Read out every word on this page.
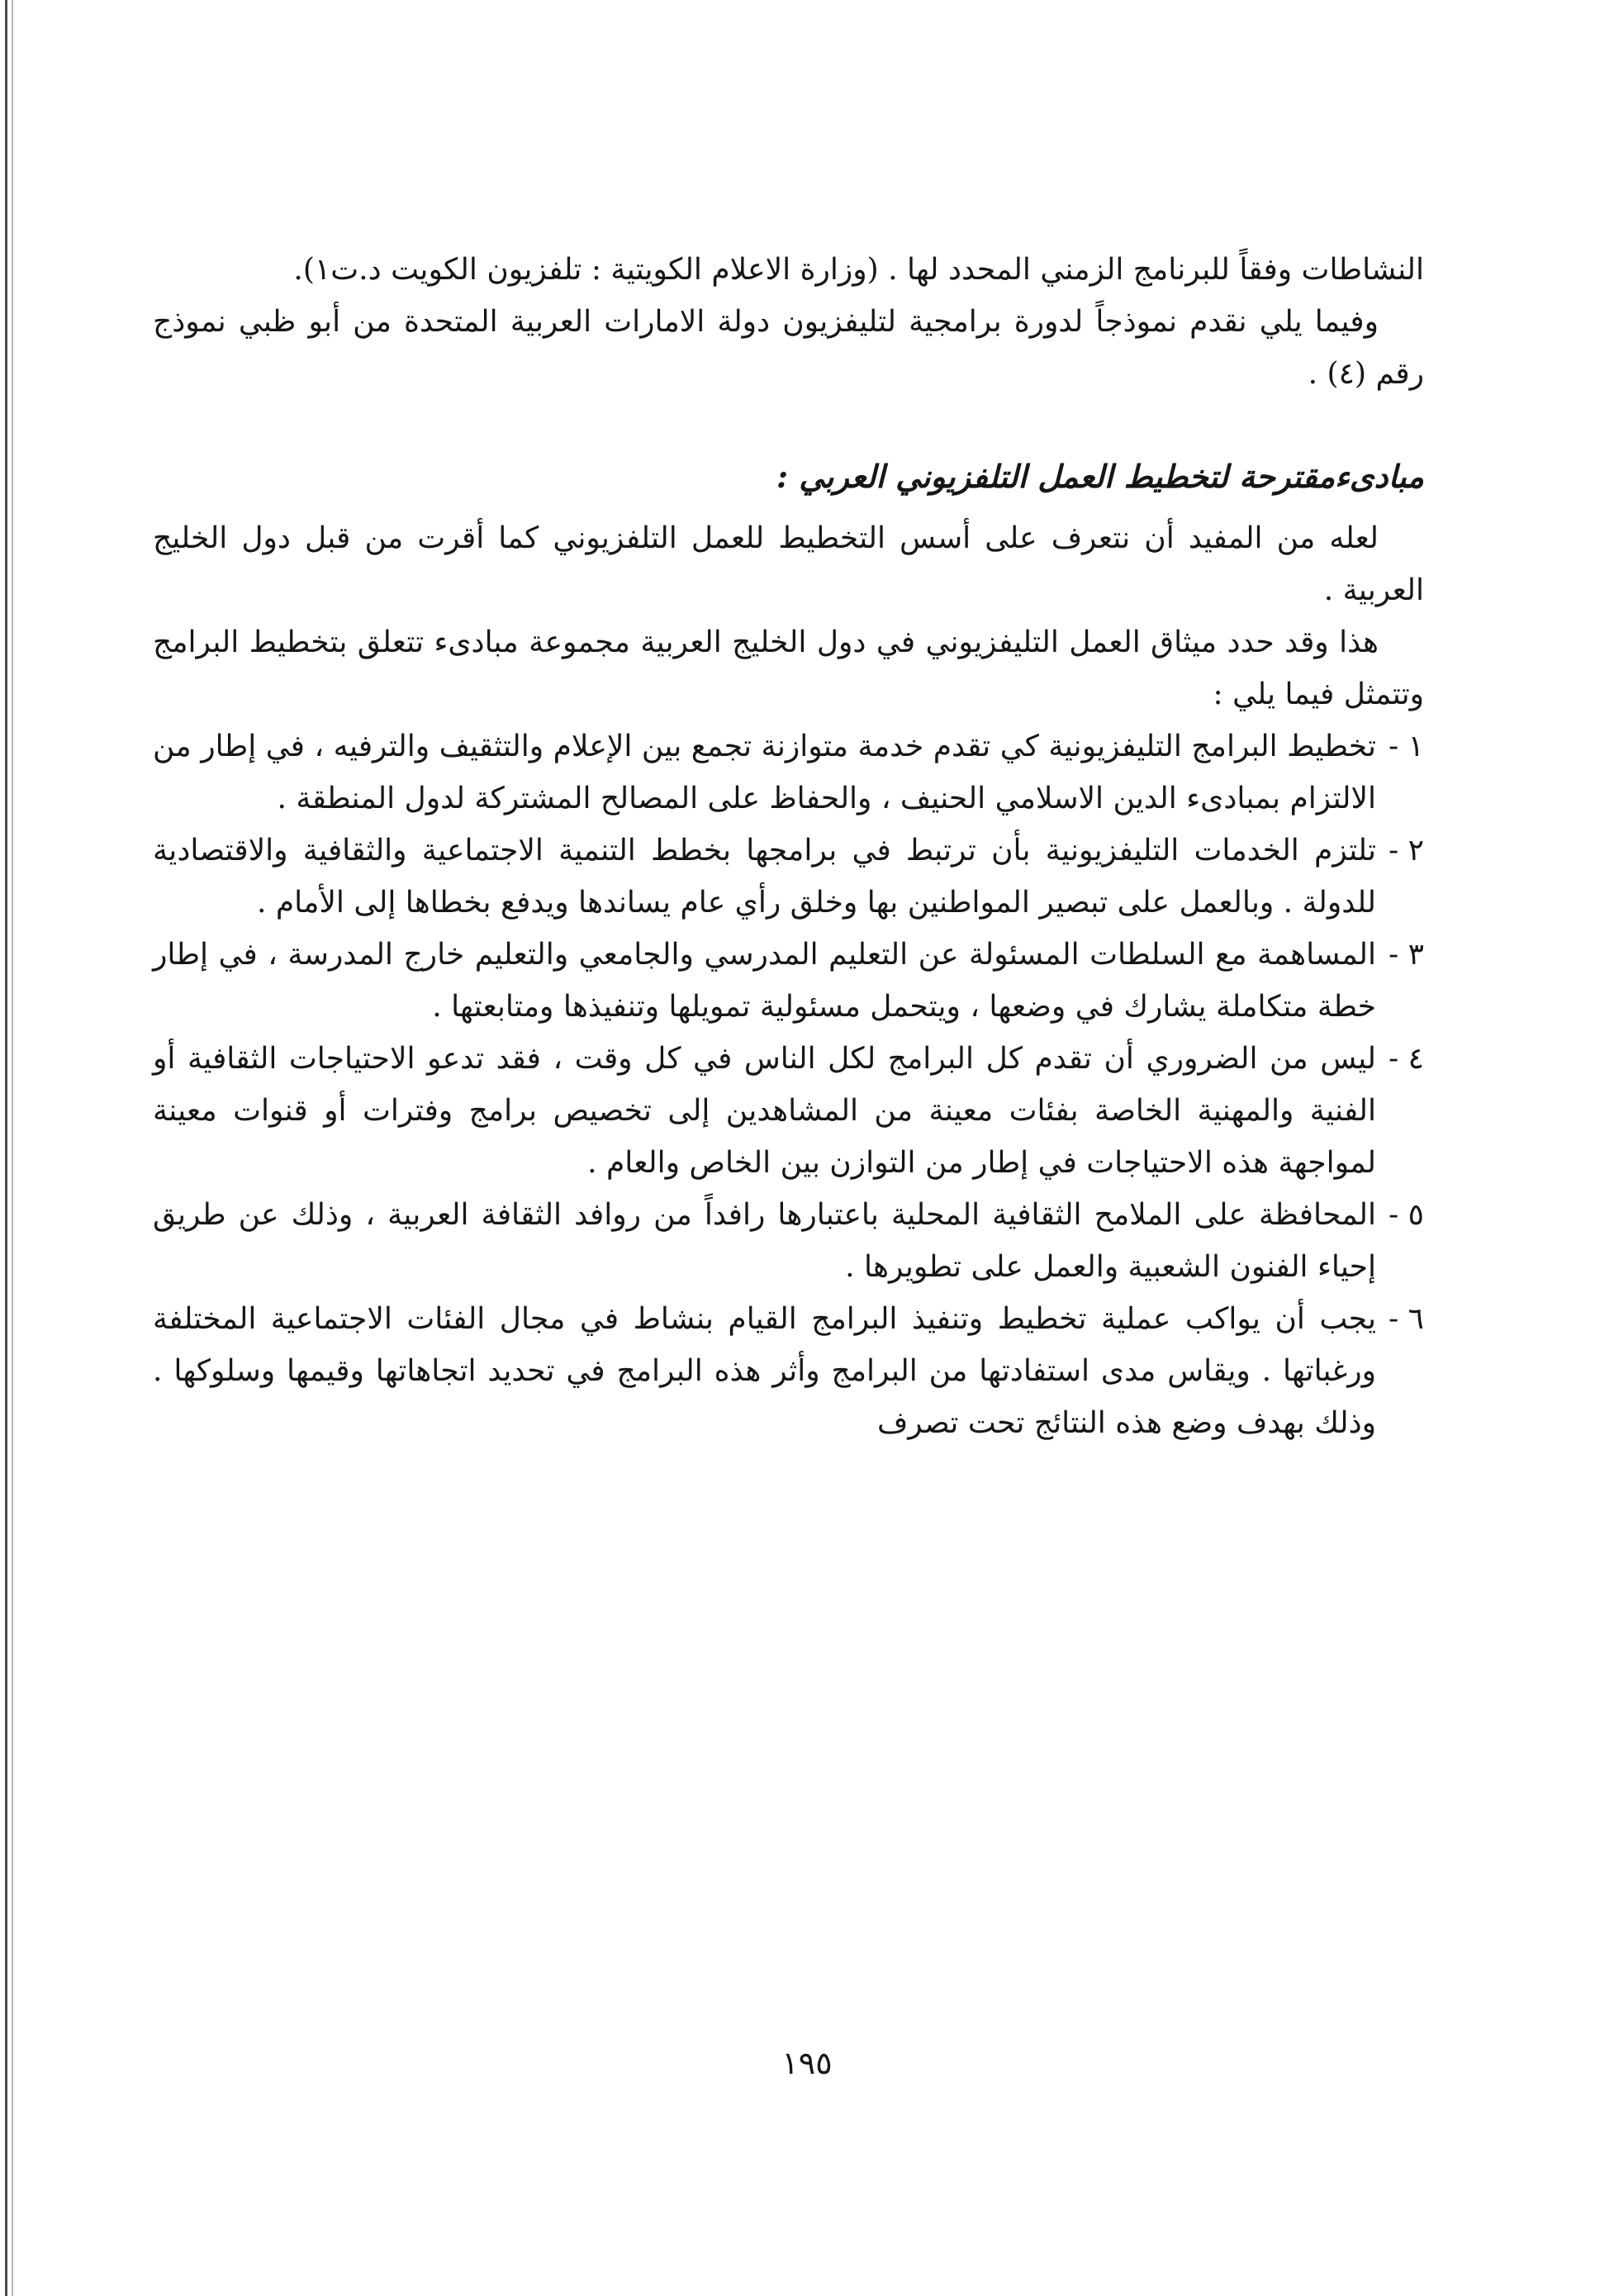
النشاطات وفقاً للبرنامج الزمني المحدد لها . (وزارة الاعلام الكويتية : تلفزيون الكويت د.ت١).

وفيما يلي نقدم نموذجاً لدورة برامجية لتليفزيون دولة الامارات العربية المتحدة من أبو ظبي نموذج رقم (٤) .

مبادىءمقترحة لتخطيط العمل التلفزيوني العربي :

لعله من المفيد أن نتعرف على أسس التخطيط للعمل التلفزيوني كما أقرت من قبل دول الخليج العربية .

هذا وقد حدد ميثاق العمل التليفزيوني في دول الخليج العربية مجموعة مبادىء تتعلق بتخطيط البرامج وتتمثل فيما يلي :

١ -
تخطيط البرامج التليفزيونية كي تقدم خدمة متوازنة تجمع بين الإعلام والتثقيف والترفيه ، في إطار من الالتزام بمبادىء الدين الاسلامي الحنيف ، والحفاظ على المصالح المشتركة لدول المنطقة .
٢ -
تلتزم الخدمات التليفزيونية بأن ترتبط في برامجها بخطط التنمية الاجتماعية والثقافية والاقتصادية للدولة . وبالعمل على تبصير المواطنين بها وخلق رأي عام يساندها ويدفع بخطاها إلى الأمام .
٣ -
المساهمة مع السلطات المسئولة عن التعليم المدرسي والجامعي والتعليم خارج المدرسة ، في إطار خطة متكاملة يشارك في وضعها ، ويتحمل مسئولية تمويلها وتنفيذها ومتابعتها .
٤ -
ليس من الضروري أن تقدم كل البرامج لكل الناس في كل وقت ، فقد تدعو الاحتياجات الثقافية أو الفنية والمهنية الخاصة بفئات معينة من المشاهدين إلى تخصيص برامج وفترات أو قنوات معينة لمواجهة هذه الاحتياجات في إطار من التوازن بين الخاص والعام .
٥ -
المحافظة على الملامح الثقافية المحلية باعتبارها رافداً من روافد الثقافة العربية ، وذلك عن طريق إحياء الفنون الشعبية والعمل على تطويرها .
٦ -
يجب أن يواكب عملية تخطيط وتنفيذ البرامج القيام بنشاط في مجال الفئات الاجتماعية المختلفة ورغباتها . ويقاس مدى استفادتها من البرامج وأثر هذه البرامج في تحديد اتجاهاتها وقيمها وسلوكها . وذلك بهدف وضع هذه النتائج تحت تصرف
١٩٥
